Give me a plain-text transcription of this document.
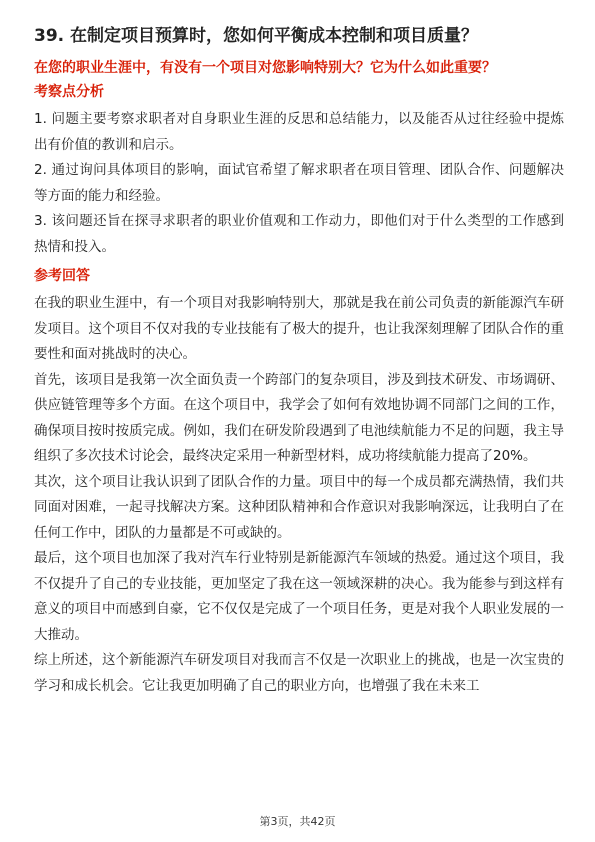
39. 在制定项目预算时，您如何平衡成本控制和项目质量？

在您的职业生涯中，有没有一个项目对您影响特别大？它为什么如此重要？

考察点分析

1. 问题主要考察求职者对自身职业生涯的反思和总结能力，以及能否从过往经验中提炼出有价值的教训和启示。

2. 通过询问具体项目的影响，面试官希望了解求职者在项目管理、团队合作、问题解决等方面的能力和经验。

3. 该问题还旨在探寻求职者的职业价值观和工作动力，即他们对于什么类型的工作感到热情和投入。

参考回答

在我的职业生涯中，有一个项目对我影响特别大，那就是我在前公司负责的新能源汽车研发项目。这个项目不仅对我的专业技能有了极大的提升，也让我深刻理解了团队合作的重要性和面对挑战时的决心。

首先，该项目是我第一次全面负责一个跨部门的复杂项目，涉及到技术研发、市场调研、供应链管理等多个方面。在这个项目中，我学会了如何有效地协调不同部门之间的工作，确保项目按时按质完成。例如，我们在研发阶段遇到了电池续航能力不足的问题，我主导组织了多次技术讨论会，最终决定采用一种新型材料，成功将续航能力提高了20%。

其次，这个项目让我认识到了团队合作的力量。项目中的每一个成员都充满热情，我们共同面对困难，一起寻找解决方案。这种团队精神和合作意识对我影响深远，让我明白了在任何工作中，团队的力量都是不可或缺的。

最后，这个项目也加深了我对汽车行业特别是新能源汽车领域的热爱。通过这个项目，我不仅提升了自己的专业技能，更加坚定了我在这一领域深耕的决心。我为能参与到这样有意义的项目中而感到自豪，它不仅仅是完成了一个项目任务，更是对我个人职业发展的一大推动。

综上所述，这个新能源汽车研发项目对我而言不仅是一次职业上的挑战，也是一次宝贵的学习和成长机会。它让我更加明确了自己的职业方向，也增强了我在未来工

第3页，共42页
